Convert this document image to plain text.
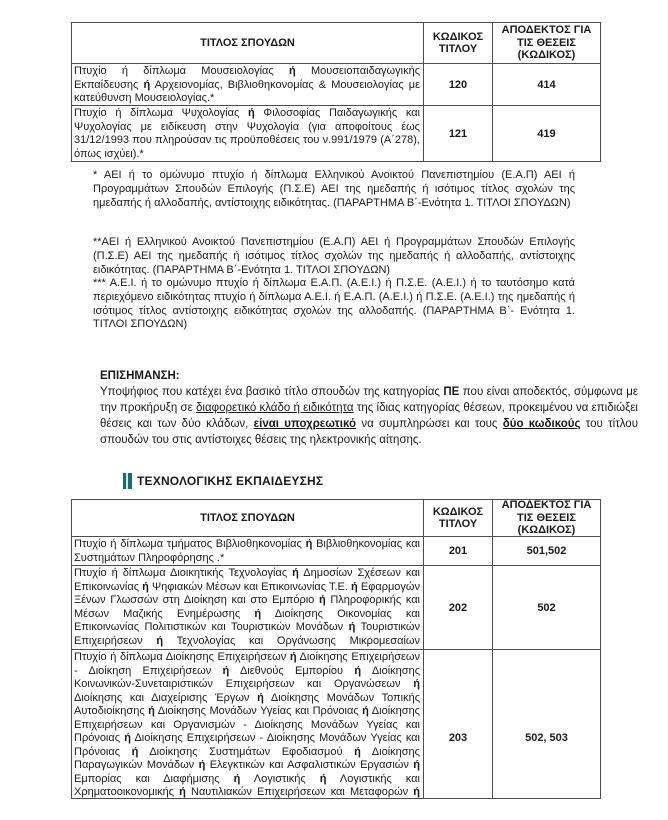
ΤΙΤΛΟΣ ΣΠΟΥΔΩΝ
ΚΩΔΙΚΟΣ ΤΙΤΛΟΥ
ΑΠΟΔΕΚΤΟΣ ΓΙΑ ΤΙΣ ΘΕΣΕΙΣ (ΚΩΔΙΚΟΣ)
Πτυχίο ή δίπλωμα Μουσειολογίας ή Μουσειοπαιδαγωγικής Εκπαίδευσης ή Αρχειονομίας, Βιβλιοθηκονομίας & Μουσειολογίας με κατεύθυνση Μουσειολογίας.*
120	414
Πτυχίο ή δίπλωμα Ψυχολογίας ή Φιλοσοφίας Παιδαγωγικής και Ψυχολογίας με ειδίκευση στην Ψυχολογία (για αποφοίτους έως 31/12/1993 που πληρούσαν τις προϋποθέσεις του ν.991/1979 (Α΄278), όπως ισχύει).*
121	419

* ΑΕΙ ή το ομώνυμο πτυχίο ή δίπλωμα Ελληνικού Ανοικτού Πανεπιστημίου (Ε.Α.Π) ΑΕΙ ή Προγραμμάτων Σπουδών Επιλογής (Π.Σ.Ε) ΑΕΙ της ημεδαπής ή ισότιμος τίτλος σχολών της ημεδαπής ή αλλοδαπής, αντίστοιχης ειδικότητας. (ΠΑΡΑΡΤΗΜΑ Β΄-Ενότητα 1. ΤΙΤΛΟΙ ΣΠΟΥΔΩΝ)

**ΑΕΙ ή Ελληνικού Ανοικτού Πανεπιστημίου (Ε.Α.Π) ΑΕΙ ή Προγραμμάτων Σπουδών Επιλογής (Π.Σ.Ε) ΑΕΙ της ημεδαπής ή ισότιμος τίτλος σχολών της ημεδαπής ή αλλοδαπής, αντίστοιχης ειδικότητας. (ΠΑΡΑΡΤΗΜΑ Β΄-Ενότητα 1. ΤΙΤΛΟΙ ΣΠΟΥΔΩΝ)

*** Α.Ε.Ι. ή το ομώνυμο πτυχίο ή δίπλωμα Ε.Α.Π. (Α.Ε.Ι.) ή Π.Σ.Ε. (Α.Ε.Ι.) ή το ταυτόσημο κατά περιεχόμενο ειδικότητας πτυχίο ή δίπλωμα Α.Ε.Ι. ή Ε.Α.Π. (Α.Ε.Ι.) ή Π.Σ.Ε. (Α.Ε.Ι.) της ημεδαπής ή ισότιμος τίτλος αντίστοιχης ειδικότητας σχολών της αλλοδαπής. (ΠΑΡΑΡΤΗΜΑ Β΄- Ενότητα 1. ΤΙΤΛΟΙ ΣΠΟΥΔΩΝ)

ΕΠΙΣΗΜΑΝΣΗ:
Υποψήφιος που κατέχει ένα βασικό τίτλο σπουδών της κατηγορίας ΠΕ που είναι αποδεκτός, σύμφωνα με την προκήρυξη σε διαφορετικό κλάδο ή ειδικότητα της ίδιας κατηγορίας θέσεων, προκειμένου να επιδιώξει θέσεις και των δύο κλάδων, είναι υποχρεωτικό να συμπληρώσει και τους δύο κωδικούς του τίτλου σπουδών του στις αντίστοιχες θέσεις της ηλεκτρονικής αίτησης.
ΤΕΧΝΟΛΟΓΙΚΗΣ ΕΚΠΑΙΔΕΥΣΗΣ
ΤΙΤΛΟΣ ΣΠΟΥΔΩΝ
ΚΩΔΙΚΟΣ ΤΙΤΛΟΥ
ΑΠΟΔΕΚΤΟΣ ΓΙΑ ΤΙΣ ΘΕΣΕΙΣ (ΚΩΔΙΚΟΣ)
Πτυχίο ή δίπλωμα τμήματος Βιβλιοθηκονομίας ή Βιβλιοθηκονομίας και Συστημάτων Πληροφόρησης .*
201	501,502
Πτυχίο ή δίπλωμα Διοικητικής Τεχνολογίας ή Δημοσίων Σχέσεων και Επικοινωνίας ή Ψηφιακών Μέσων και Επικοινωνίας Τ.Ε. ή Εφαρμογών Ξένων Γλωσσών στη Διοίκηση και στο Εμπόριο ή Πληροφορικής και Μέσων Μαζικής Ενημέρωσης ή Διοίκησης Οικονομίας και Επικοινωνίας Πολιτιστικών και Τουριστικών Μονάδων ή Τουριστικών Επιχειρήσεων ή Τεχνολογίας και Οργάνωσης Μικρομεσαίων
202	502
Πτυχίο ή δίπλωμα Διοίκησης Επιχειρήσεων ή Διοίκησης Επιχειρήσεων - Διοίκηση Επιχειρήσεων ή Διεθνούς Εμπορίου ή Διοίκησης Κοινωνικών-Συνεταιριστικών Επιχειρήσεων και Οργανώσεων ή Διοίκησης και Διαχείρισης Έργων ή Διοίκησης Μονάδων Τοπικής Αυτοδιοίκησης ή Διοίκησης Μονάδων Υγείας και Πρόνοιας ή Διοίκησης Επιχειρήσεων και Οργανισμών - Διοίκησης Μονάδων Υγείας και Πρόνοιας ή Διοίκησης Επιχειρήσεων - Διοίκησης Μονάδων Υγείας και Πρόνοιας ή Διοίκησης Συστημάτων Εφοδιασμού ή Διοίκησης Παραγωγικών Μονάδων ή Ελεγκτικών και Ασφαλιστικών Εργασιών ή Εμπορίας και Διαφήμισης ή Λογιστικής ή Λογιστικής και Χρηματοοικονομικής ή Ναυτιλιακών Επιχειρήσεων και Μεταφορών ή
203	502, 503
